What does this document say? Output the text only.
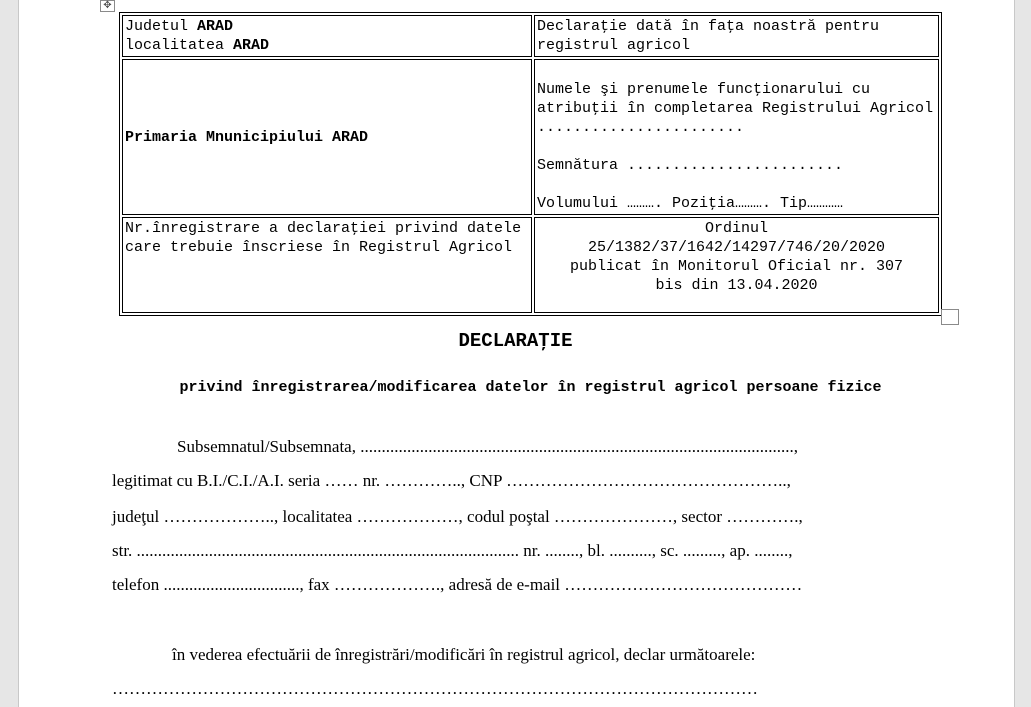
✥
Judetul ARAD
localitatea ARAD	Declaraţie dată în faţa noastră pentru registrul agricol
Primaria Mnunicipiului ARAD	Numele şi prenumele funcţionarului cu atribuţii în completarea Registrului Agricol .......................
Semnătura ........................
Volumului ………. Poziţia………. Tip…………

Nr.înregistrare a declaraţiei privind datele care trebuie înscriese în Registrul Agricol	Ordinul
25/1382/37/1642/14297/746/20/2020
publicat în Monitorul Oficial nr. 307
bis din 13.04.2020
DECLARAŢIE
privind înregistrarea/modificarea datelor în registrul agricol persoane fizice
Subsemnatul/Subsemnata, ......................................................................................................,
legitimat cu B.I./C.I./A.I. seria …… nr. ………….., CNP …………………………………………..,
judeţul ……………….., localitatea ………………, codul poştal …………………, sector ………….,
str. .......................................................................................... nr. ........, bl. .........., sc. ........., ap. ........,
telefon ................................, fax ………………., adresă de e-mail ……………………………………
în vederea efectuării de înregistrări/modificări în registrul agricol, declar următoarele:
……………………………………………………………………………………………………
